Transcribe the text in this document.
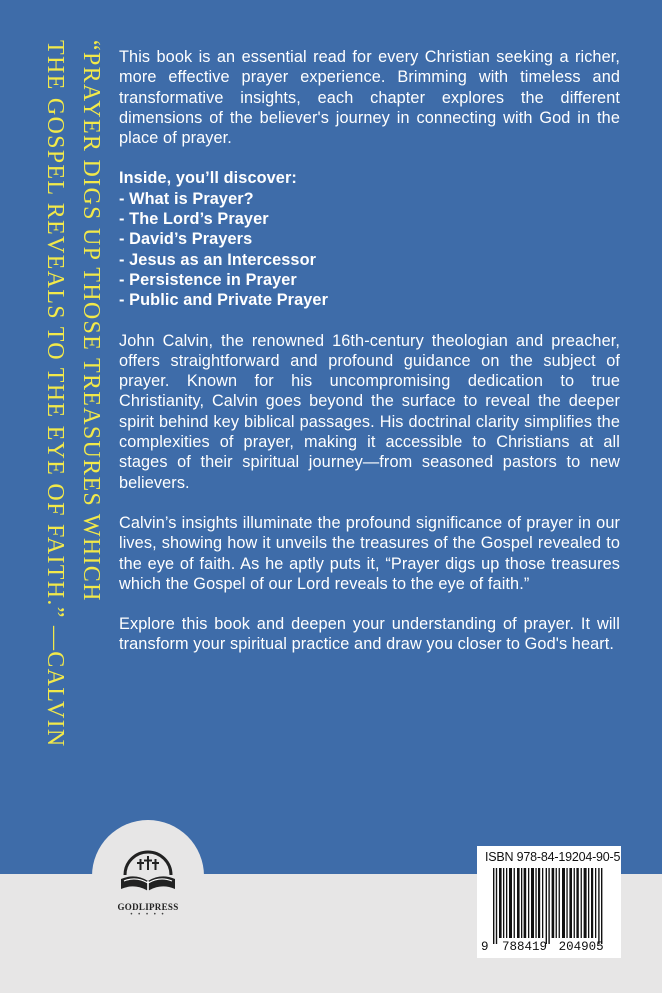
“PRAYER DIGS UP THOSE TREASURES WHICH
THE GOSPEL REVEALS TO THE EYE OF FAITH.” —CALVIN

This book is an essential read for every Christian seeking a richer, more effective prayer experience. Brimming with timeless and transformative insights, each chapter explores the different dimensions of the believer's journey in connecting with God in the place of prayer.

Inside, you’ll discover:
- What is Prayer?
- The Lord’s Prayer
- David’s Prayers
- Jesus as an Intercessor
- Persistence in Prayer
- Public and Private Prayer

John Calvin, the renowned 16th-century theologian and preacher, offers straightforward and profound guidance on the subject of prayer. Known for his uncompromising dedication to true Christianity, Calvin goes beyond the surface to reveal the deeper spirit behind key biblical passages. His doctrinal clarity simplifies the complexities of prayer, making it accessible to Christians at all stages of their spiritual journey—from seasoned pastors to new believers.

Calvin’s insights illuminate the profound significance of prayer in our lives, showing how it unveils the treasures of the Gospel revealed to the eye of faith. As he aptly puts it, “Prayer digs up those treasures which the Gospel of our Lord reveals to the eye of faith.”

Explore this book and deepen your understanding of prayer. It will transform your spiritual practice and draw you closer to God's heart.

GODLIPRESS
• • • • •
ISBN 978-84-19204-90-5
9 788419 204905
